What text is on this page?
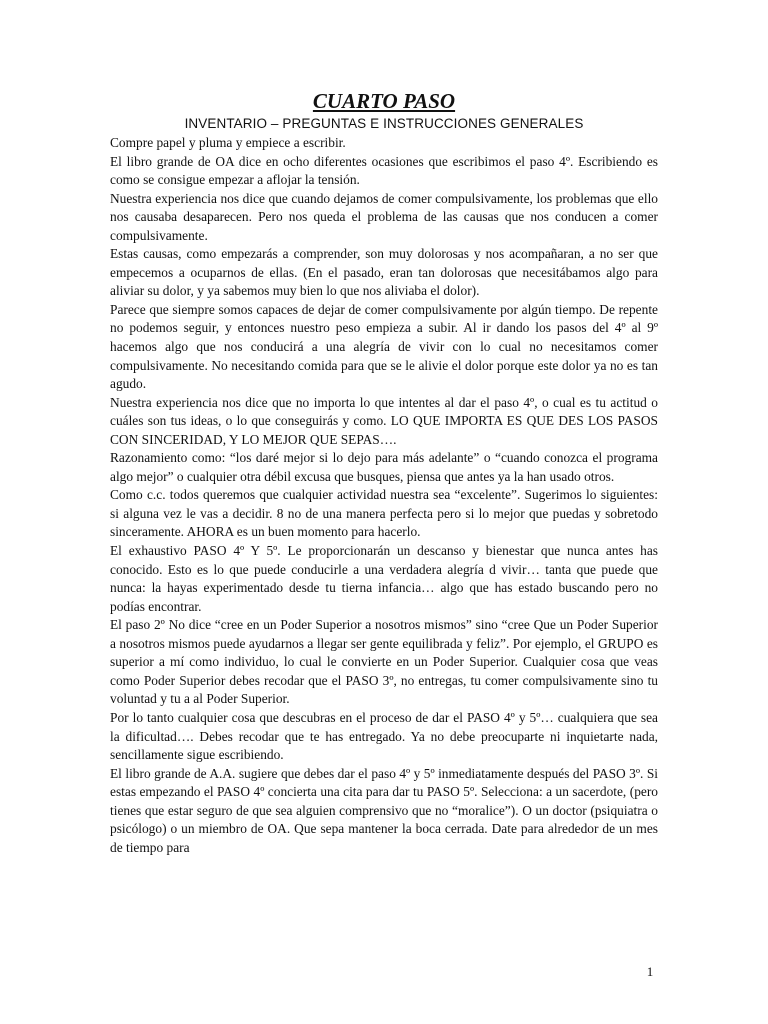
CUARTO PASO

INVENTARIO – PREGUNTAS E INSTRUCCIONES GENERALES

Compre papel y pluma y empiece a escribir.

El libro grande de OA dice en ocho diferentes ocasiones que escribimos el paso 4º. Escribiendo es como se consigue empezar a aflojar la tensión.

Nuestra experiencia nos dice que cuando dejamos de comer compulsivamente, los problemas que ello nos causaba desaparecen. Pero nos queda el problema de las causas que nos conducen a comer compulsivamente.

Estas causas, como empezarás a comprender, son muy dolorosas y nos acompañaran, a no ser que empecemos a ocuparnos de ellas. (En el pasado, eran tan dolorosas que necesitábamos algo para aliviar su dolor, y ya sabemos muy bien lo que nos aliviaba el dolor).

Parece que siempre somos capaces de dejar de comer compulsivamente por algún tiempo. De repente no podemos seguir, y entonces nuestro peso empieza a subir. Al ir dando los pasos del 4º al 9º hacemos algo que nos conducirá a una alegría de vivir con lo cual no necesitamos comer compulsivamente. No necesitando comida para que se le alivie el dolor porque este dolor ya no es tan agudo.

Nuestra experiencia nos dice que no importa lo que intentes al dar el paso 4º, o cual es tu actitud o cuáles son tus ideas, o lo que conseguirás y como. LO QUE IMPORTA ES QUE DES LOS PASOS CON SINCERIDAD, Y LO MEJOR QUE SEPAS….

Razonamiento como: “los daré mejor si lo dejo para más adelante” o “cuando conozca el programa algo mejor” o cualquier otra débil excusa que busques, piensa que antes ya la han usado otros.

Como c.c. todos queremos que cualquier actividad nuestra sea “excelente”. Sugerimos lo siguientes: si alguna vez le vas a decidir. 8 no de una manera perfecta pero si lo mejor que puedas y sobretodo sinceramente. AHORA es un buen momento para hacerlo.

El exhaustivo PASO 4º Y 5º. Le proporcionarán un descanso y bienestar que nunca antes has conocido. Esto es lo que puede conducirle a una verdadera alegría d vivir… tanta que puede que nunca: la hayas experimentado desde tu tierna infancia… algo que has estado buscando pero no podías encontrar.

El paso 2º No dice “cree en un Poder Superior a nosotros mismos” sino “cree Que un Poder Superior a nosotros mismos puede ayudarnos a llegar ser gente equilibrada y feliz”. Por ejemplo, el GRUPO es superior a mí como individuo, lo cual le convierte en un Poder Superior. Cualquier cosa que veas como Poder Superior debes recodar que el PASO 3º, no entregas, tu comer compulsivamente sino tu voluntad y tu a al Poder Superior.

Por lo tanto cualquier cosa que descubras en el proceso de dar el PASO 4º y 5º… cualquiera que sea la dificultad…. Debes recodar que te has entregado. Ya no debe preocuparte ni inquietarte nada, sencillamente sigue escribiendo.

El libro grande de A.A. sugiere que debes dar el paso 4º y 5º inmediatamente después del PASO 3º. Si estas empezando el PASO 4º concierta una cita para dar tu PASO 5º. Selecciona: a un sacerdote, (pero tienes que estar seguro de que sea alguien comprensivo que no “moralice”). O un doctor (psiquiatra o psicólogo) o un miembro de OA. Que sepa mantener la boca cerrada. Date para alrededor de un mes de tiempo para

1
